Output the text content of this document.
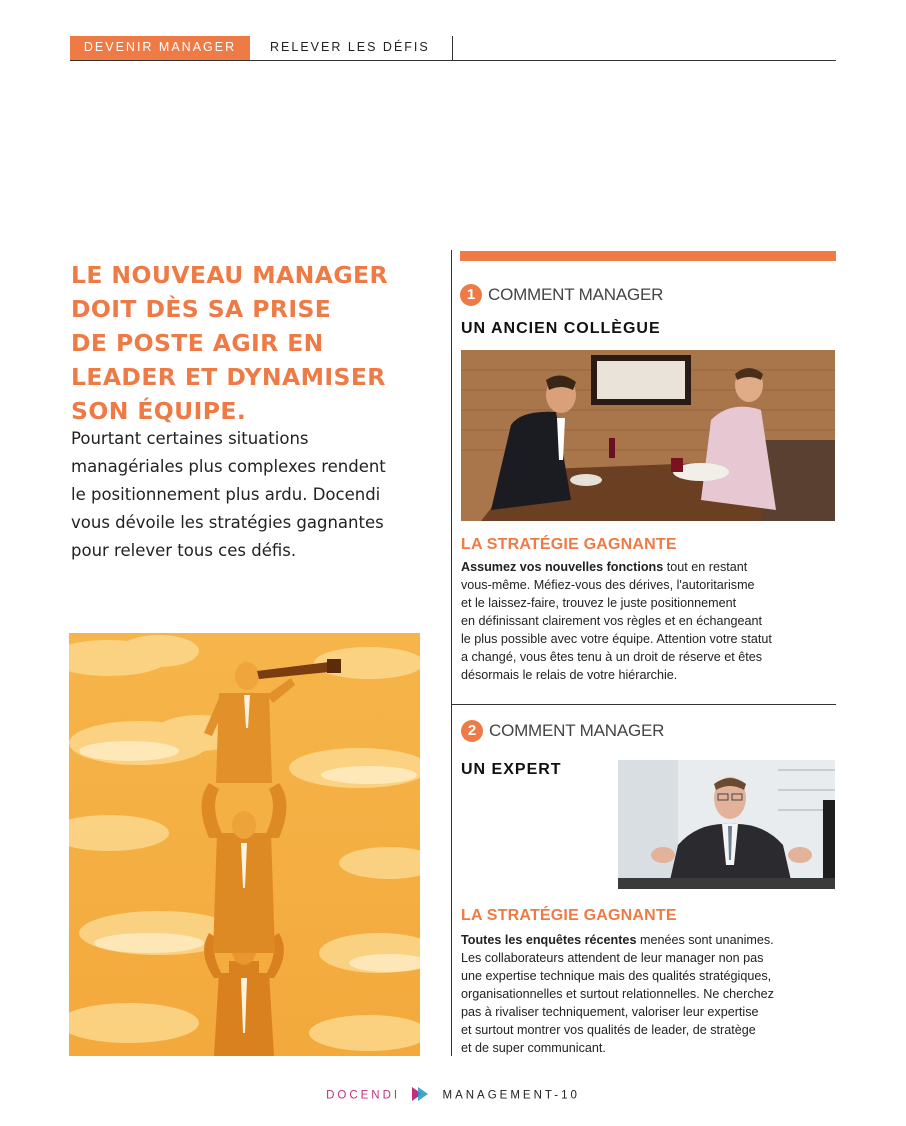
DEVENIR MANAGER	RELEVER LES DÉFIS
LE NOUVEAU MANAGER
DOIT DÈS SA PRISE
DE POSTE AGIR EN
LEADER ET DYNAMISER
SON ÉQUIPE.

Pourtant certaines situations
managériales plus complexes rendent
le positionnement plus ardu. Docendi
vous dévoile les stratégies gagnantes
pour relever tous ces défis.

1 COMMENT MANAGER
UN ANCIEN COLLÈGUE
LA STRATÉGIE GAGNANTE

Assumez vos nouvelles fonctions tout en restant
vous-même. Méfiez-vous des dérives, l'autoritarisme
et le laissez-faire, trouvez le juste positionnement
en définissant clairement vos règles et en échangeant
le plus possible avec votre équipe. Attention votre statut
a changé, vous êtes tenu à un droit de réserve et êtes
désormais le relais de votre hiérarchie.

2 COMMENT MANAGER
UN EXPERT
LA STRATÉGIE GAGNANTE

Toutes les enquêtes récentes menées sont unanimes.
Les collaborateurs attendent de leur manager non pas
une expertise technique mais des qualités stratégiques,
organisationnelles et surtout relationnelles. Ne cherchez
pas à rivaliser techniquement, valoriser leur expertise
et surtout montrer vos qualités de leader, de stratège
et de super communicant.

DOCENDI	MANAGEMENT-10
